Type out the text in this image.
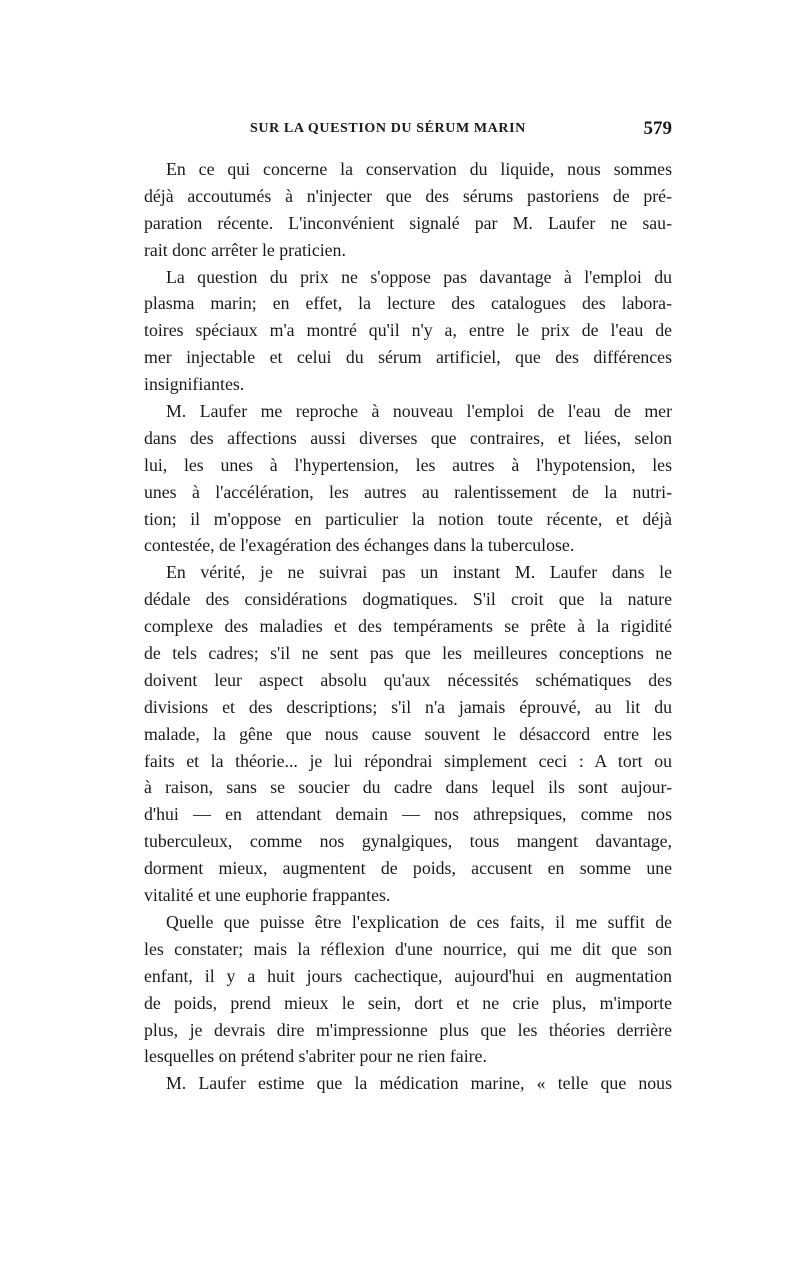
SUR LA QUESTION DU SÉRUM MARIN	579
En ce qui concerne la conservation du liquide, nous sommes
déjà accoutumés à n'injecter que des sérums pastoriens de pré-
paration récente. L'inconvénient signalé par M. Laufer ne sau-
rait donc arrêter le praticien.
La question du prix ne s'oppose pas davantage à l'emploi du
plasma marin; en effet, la lecture des catalogues des labora-
toires spéciaux m'a montré qu'il n'y a, entre le prix de l'eau de
mer injectable et celui du sérum artificiel, que des différences
insignifiantes.
M. Laufer me reproche à nouveau l'emploi de l'eau de mer
dans des affections aussi diverses que contraires, et liées, selon
lui, les unes à l'hypertension, les autres à l'hypotension, les
unes à l'accélération, les autres au ralentissement de la nutri-
tion; il m'oppose en particulier la notion toute récente, et déjà
contestée, de l'exagération des échanges dans la tuberculose.
En vérité, je ne suivrai pas un instant M. Laufer dans le
dédale des considérations dogmatiques. S'il croit que la nature
complexe des maladies et des tempéraments se prête à la rigidité
de tels cadres; s'il ne sent pas que les meilleures conceptions ne
doivent leur aspect absolu qu'aux nécessités schématiques des
divisions et des descriptions; s'il n'a jamais éprouvé, au lit du
malade, la gêne que nous cause souvent le désaccord entre les
faits et la théorie... je lui répondrai simplement ceci : A tort ou
à raison, sans se soucier du cadre dans lequel ils sont aujour-
d'hui — en attendant demain — nos athrepsiques, comme nos
tuberculeux, comme nos gynalgiques, tous mangent davantage,
dorment mieux, augmentent de poids, accusent en somme une
vitalité et une euphorie frappantes.
Quelle que puisse être l'explication de ces faits, il me suffit de
les constater; mais la réflexion d'une nourrice, qui me dit que son
enfant, il y a huit jours cachectique, aujourd'hui en augmentation
de poids, prend mieux le sein, dort et ne crie plus, m'importe
plus, je devrais dire m'impressionne plus que les théories derrière
lesquelles on prétend s'abriter pour ne rien faire.
M. Laufer estime que la médication marine, « telle que nous
